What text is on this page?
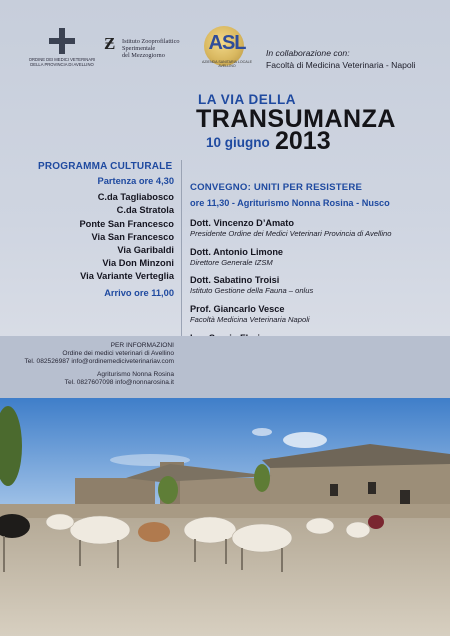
ORDINE DEI MEDICI VETERINARI
DELLA PROVINCIA DI AVELLINO
Ƶ	Istituto Zooprofilattico
Sperimentale
del Mezzogiorno
ASL
AZIENDA SANITARIA LOCALE AVELLINO
In collaborazione con:
Facoltà di Medicina Veterinaria - Napoli
LA VIA DELLA
TRANSUMANZA
10 giugno 2013
PROGRAMMA CULTURALE
Partenza ore 4,30
C.da Tagliabosco
C.da Stratola
Ponte San Francesco
Via San Francesco
Via Garibaldi
Via Don Minzoni
Via Variante Verteglia
Arrivo ore 11,00
CONVEGNO: UNITI PER RESISTERE
ore 11,30 - Agriturismo Nonna Rosina - Nusco
Dott. Vincenzo D’Amato
Presidente Ordine dei Medici Veterinari Provincia di Avellino
Dott. Antonio Limone
Direttore Generale IZSM
Dott. Sabatino Troisi
Istituto Gestione della Fauna – onlus
Prof. Giancarlo Vesce
Facoltà Medicina Veterinaria Napoli
PER INFORMAZIONI
Ordine dei medici veterinari di Avellino
Tel. 082526987 info@ordinemedicivetеrinariav.com
Agriturismo Nonna Rosina
Tel. 0827607098 info@nonnarosina.it
